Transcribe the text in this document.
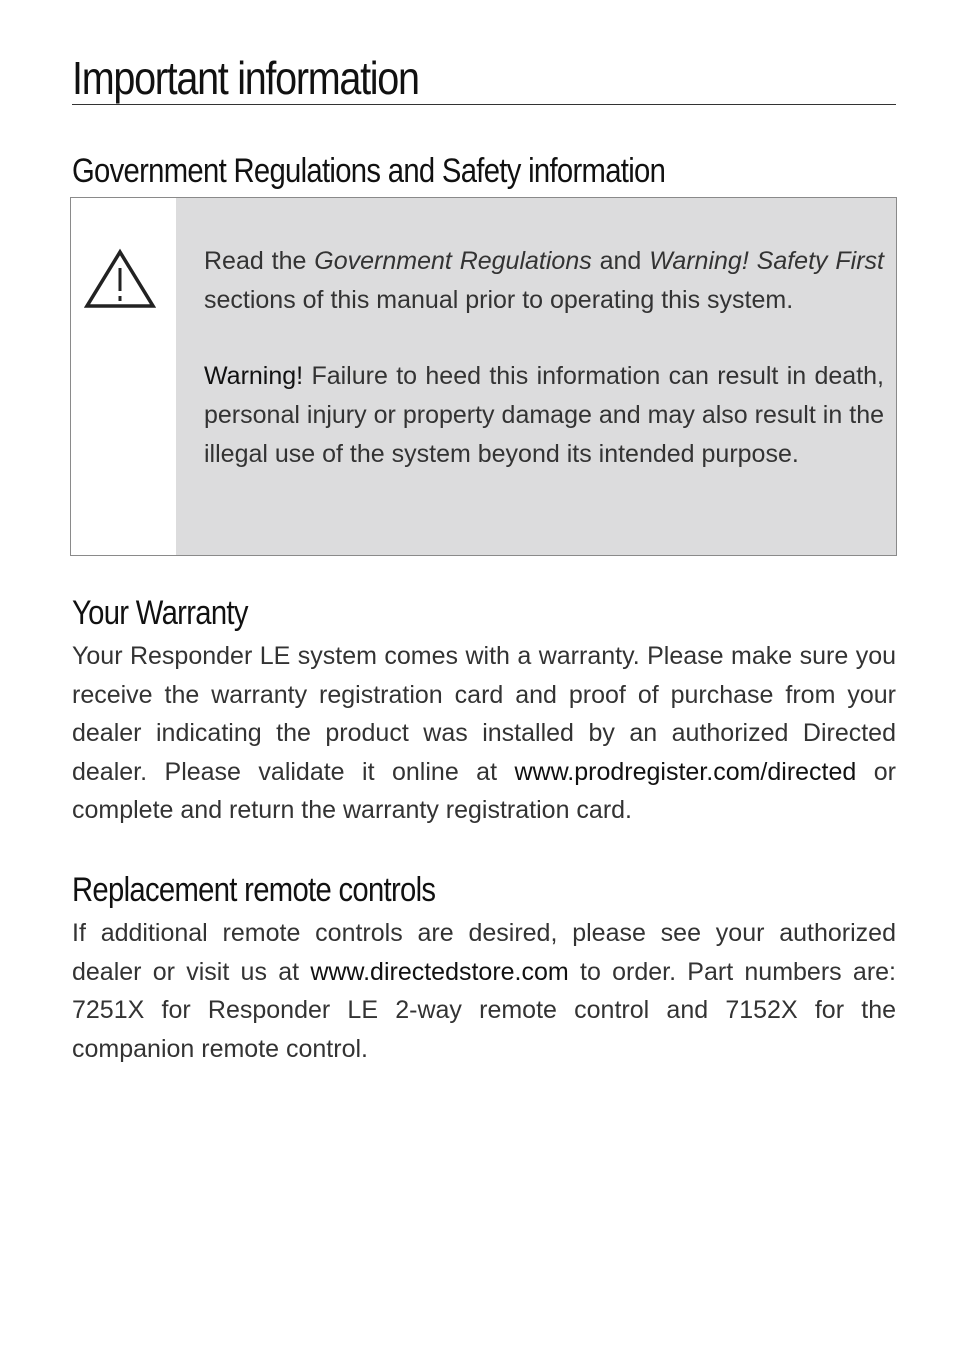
Important information
Government Regulations and Safety information

Read the Government Regulations and Warning! Safety First sections of this manual prior to operating this system.

Warning! Failure to heed this information can result in death, personal injury or property damage and may also result in the illegal use of the system beyond its intended purpose.

Your Warranty

Your Responder LE system comes with a warranty. Please make sure you receive the warranty registration card and proof of purchase from your dealer indicating the product was installed by an authorized Directed dealer. Please validate it online at www.prodregister.com/directed or complete and return the warranty registration card.

Replacement remote controls

If additional remote controls are desired, please see your authorized dealer or visit us at www.directedstore.com to order. Part numbers are: 7251X for Responder LE 2-way remote control and 7152X for the companion remote control.
